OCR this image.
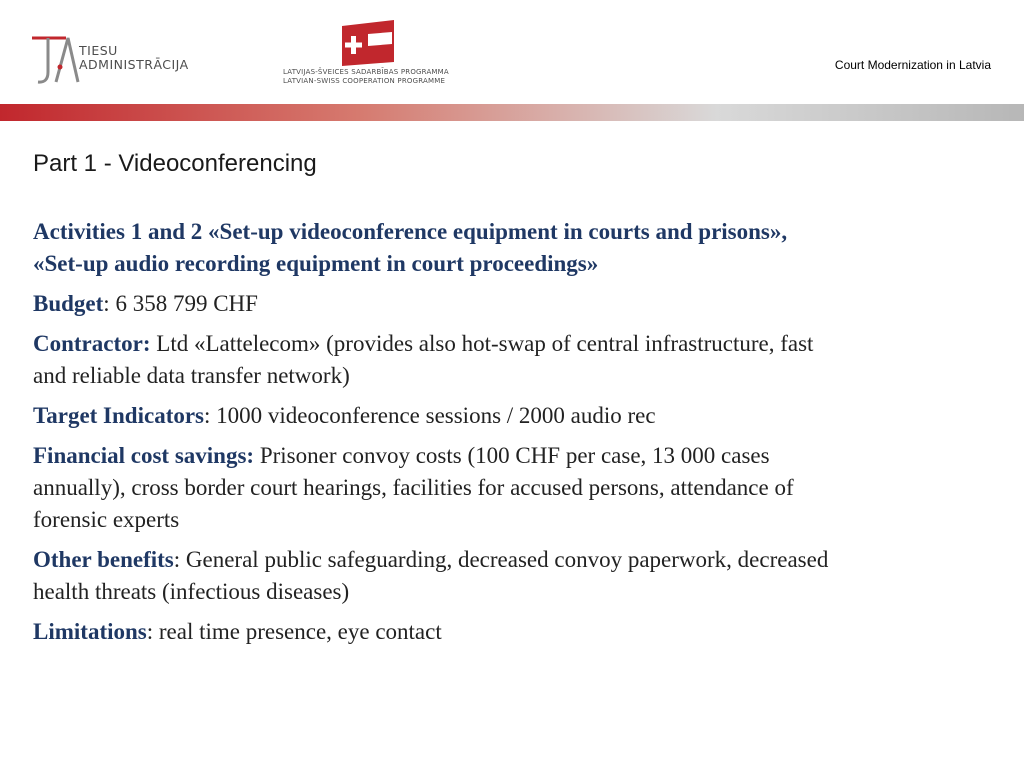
TIESU
ADMINISTRĀCIJA	LATVIJAS-ŠVEICES SADARBĪBAS PROGRAMMA
LATVIAN-SWISS COOPERATION PROGRAMME
Court Modernization in Latvia
Part 1 - Videoconferencing

Activities 1 and 2 «Set-up videoconference equipment in courts and prisons», «Set-up audio recording equipment in court proceedings»

Budget: 6 358 799 CHF

Contractor: Ltd «Lattelecom» (provides also hot-swap of central infrastructure, fast and reliable data transfer network)

Target Indicators: 1000 videoconference sessions / 2000 audio rec

Financial cost savings: Prisoner convoy costs (100 CHF per case, 13 000 cases annually), cross border court hearings, facilities for accused persons, attendance of forensic experts

Other benefits: General public safeguarding, decreased convoy paperwork, decreased health threats (infectious diseases)

Limitations: real time presence, eye contact
